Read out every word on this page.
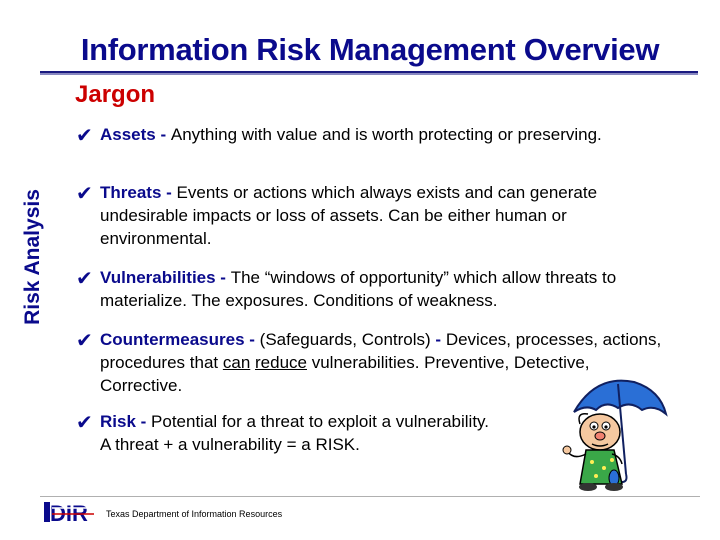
Information Risk Management Overview
Jargon
Risk Analysis
✔ Assets - Anything with value and is worth protecting or preserving.
✔ Threats - Events or actions which always exists and can generate undesirable impacts or loss of assets. Can be either human or environmental.
✔ Vulnerabilities - The “windows of opportunity” which allow threats to materialize. The exposures. Conditions of weakness.
✔ Countermeasures - (Safeguards, Controls) - Devices, processes, actions, procedures that can reduce vulnerabilities. Preventive, Detective, Corrective.
✔ Risk - Potential for a threat to exploit a vulnerability.
A threat + a vulnerability = a RISK.
DIR Texas Department of Information Resources
